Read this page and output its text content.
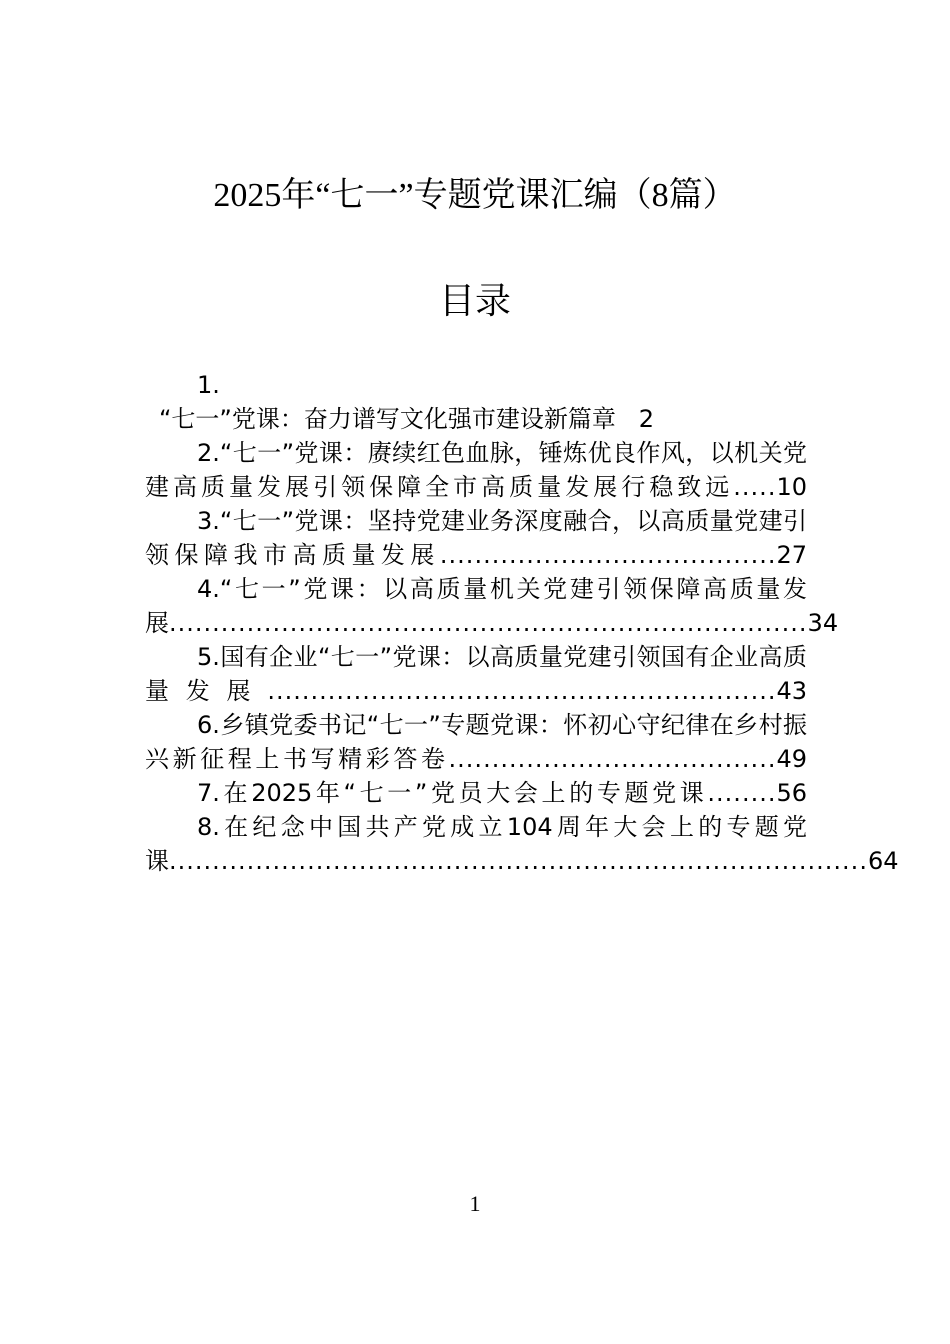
2025年“七一”专题党课汇编（8篇）
目录
1.
“七一”党课：奋力谱写文化强市建设新篇章 2
2.“七一”党课：赓续红色血脉，锤炼优良作风，以机关党建高质量发展引领保障全市高质量发展行稳致远.....10
3.“七一”党课：坚持党建业务深度融合，以高质量党建引领保障我市高质量发展.......................................27
4.“七一”党课：以高质量机关党建引领保障高质量发展..........................................................................34
5.国有企业“七一”党课：以高质量党建引领国有企业高质量发展...........................................................43
6.乡镇党委书记“七一”专题党课：怀初心守纪律在乡村振兴新征程上书写精彩答卷......................................49
7.在2025年“七一”党员大会上的专题党课........56
8.在纪念中国共产党成立104周年大会上的专题党课.................................................................................64
1
